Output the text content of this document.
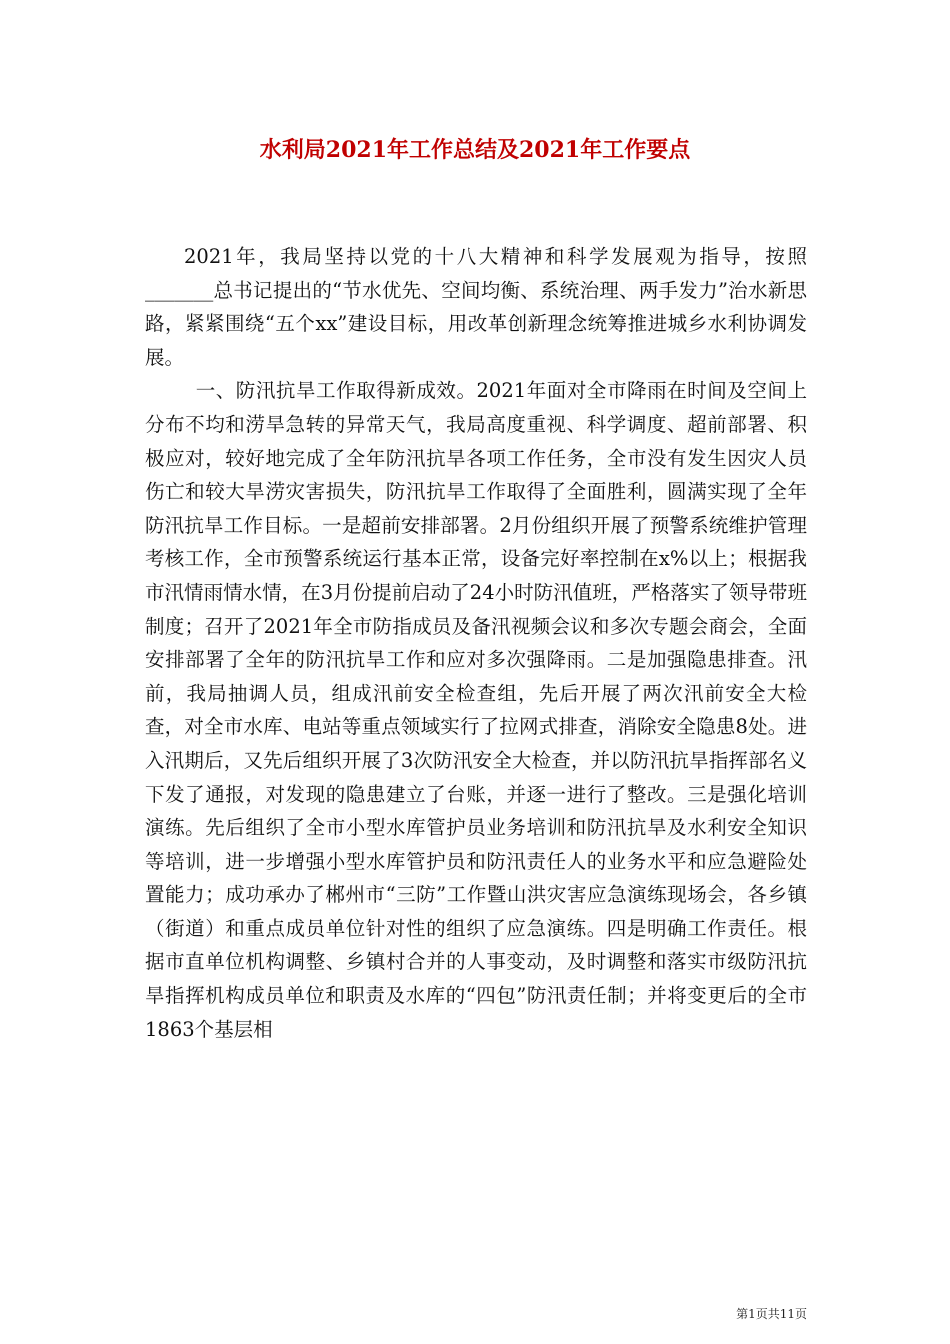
水利局2021年工作总结及2021年工作要点

2021年，我局坚持以党的十八大精神和科学发展观为指导，按照_______总书记提出的“节水优先、空间均衡、系统治理、两手发力”治水新思路，紧紧围绕“五个xx”建设目标，用改革创新理念统筹推进城乡水利协调发展。

一、防汛抗旱工作取得新成效。2021年面对全市降雨在时间及空间上分布不均和涝旱急转的异常天气，我局高度重视、科学调度、超前部署、积极应对，较好地完成了全年防汛抗旱各项工作任务，全市没有发生因灾人员伤亡和较大旱涝灾害损失，防汛抗旱工作取得了全面胜利，圆满实现了全年防汛抗旱工作目标。一是超前安排部署。2月份组织开展了预警系统维护管理考核工作，全市预警系统运行基本正常，设备完好率控制在x%以上；根据我市汛情雨情水情，在3月份提前启动了24小时防汛值班，严格落实了领导带班制度；召开了2021年全市防指成员及备汛视频会议和多次专题会商会，全面安排部署了全年的防汛抗旱工作和应对多次强降雨。二是加强隐患排查。汛前，我局抽调人员，组成汛前安全检查组，先后开展了两次汛前安全大检查，对全市水库、电站等重点领域实行了拉网式排查，消除安全隐患8处。进入汛期后，又先后组织开展了3次防汛安全大检查，并以防汛抗旱指挥部名义下发了通报，对发现的隐患建立了台账，并逐一进行了整改。三是强化培训演练。先后组织了全市小型水库管护员业务培训和防汛抗旱及水利安全知识等培训，进一步增强小型水库管护员和防汛责任人的业务水平和应急避险处置能力；成功承办了郴州市“三防”工作暨山洪灾害应急演练现场会，各乡镇（街道）和重点成员单位针对性的组织了应急演练。四是明确工作责任。根据市直单位机构调整、乡镇村合并的人事变动，及时调整和落实市级防汛抗旱指挥机构成员单位和职责及水库的“四包”防汛责任制；并将变更后的全市1863个基层相

第1页共11页
